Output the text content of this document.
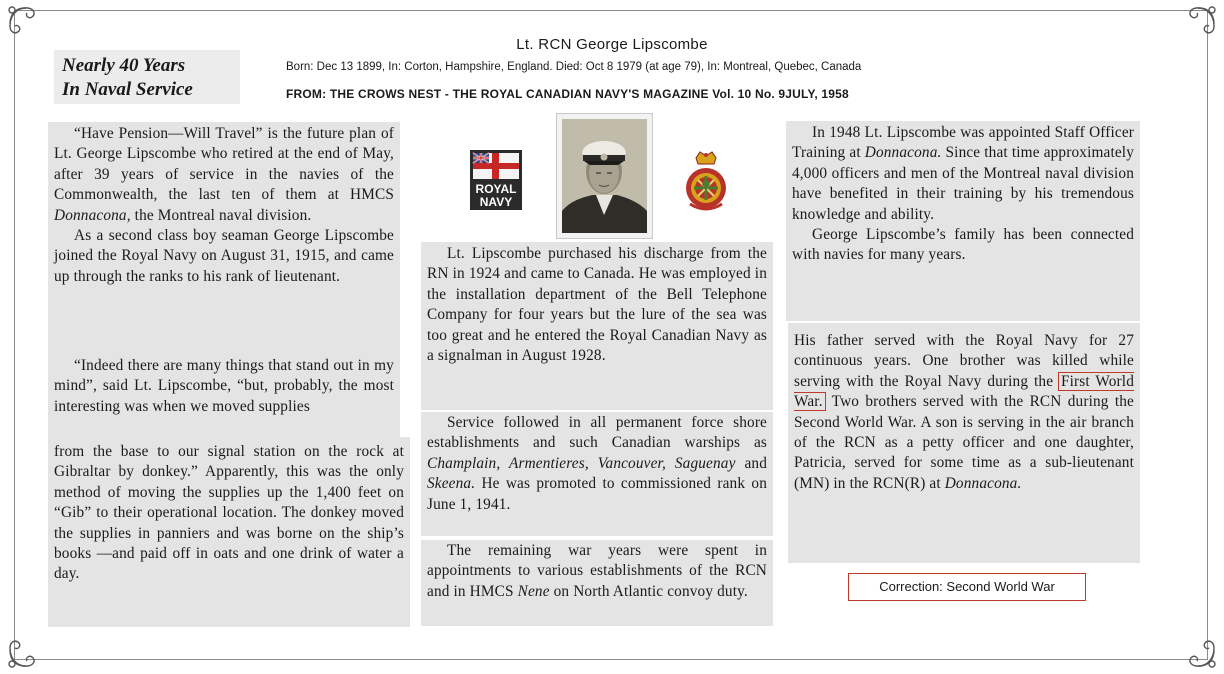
Lt. RCN George Lipscombe
Born: Dec 13 1899, In: Corton, Hampshire, England. Died: Oct 8 1979 (at age 79), In: Montreal, Quebec, Canada
FROM: THE CROWS NEST - THE ROYAL CANADIAN NAVY'S MAGAZINE Vol. 10 No. 9JULY, 1958
Nearly 40 Years
In Naval Service

“Have Pension—Will Travel” is the future plan of Lt. George Lipscombe who retired at the end of May, after 39 years of service in the navies of the Commonwealth, the last ten of them at HMCS Donnacona, the Montreal naval division.

As a second class boy seaman George Lipscombe joined the Royal Navy on August 31, 1915, and came up through the ranks to his rank of lieutenant.

“Indeed there are many things that stand out in my mind”, said Lt. Lipscombe, “but, probably, the most interesting was when we moved supplies

from the base to our signal station on the rock at Gibraltar by donkey.” Apparently, this was the only method of moving the supplies up the 1,400 feet on “Gib” to their operational location. The donkey moved the supplies in panniers and was borne on the ship’s books —and paid off in oats and one drink of water a day.

ROYAL
NAVY

Lt. Lipscombe purchased his discharge from the RN in 1924 and came to Canada. He was employed in the installation department of the Bell Telephone Company for four years but the lure of the sea was too great and he entered the Royal Canadian Navy as a signalman in August 1928.

Service followed in all permanent force shore establishments and such Canadian warships as Champlain, Armentieres, Vancouver, Saguenay and Skeena. He was promoted to commissioned rank on June 1, 1941.

The remaining war years were spent in appointments to various establishments of the RCN and in HMCS Nene on North Atlantic convoy duty.

In 1948 Lt. Lipscombe was appointed Staff Officer Training at Donnacona. Since that time approximately 4,000 officers and men of the Montreal naval division have benefited in their training by his tremendous knowledge and ability.

George Lipscombe’s family has been connected with navies for many years.

His father served with the Royal Navy for 27 continuous years. One brother was killed while serving with the Royal Navy during the First World War. Two brothers served with the RCN during the Second World War. A son is serving in the air branch of the RCN as a petty officer and one daughter, Patricia, served for some time as a sub-lieutenant (MN) in the RCN(R) at Donnacona.

Correction: Second World War
